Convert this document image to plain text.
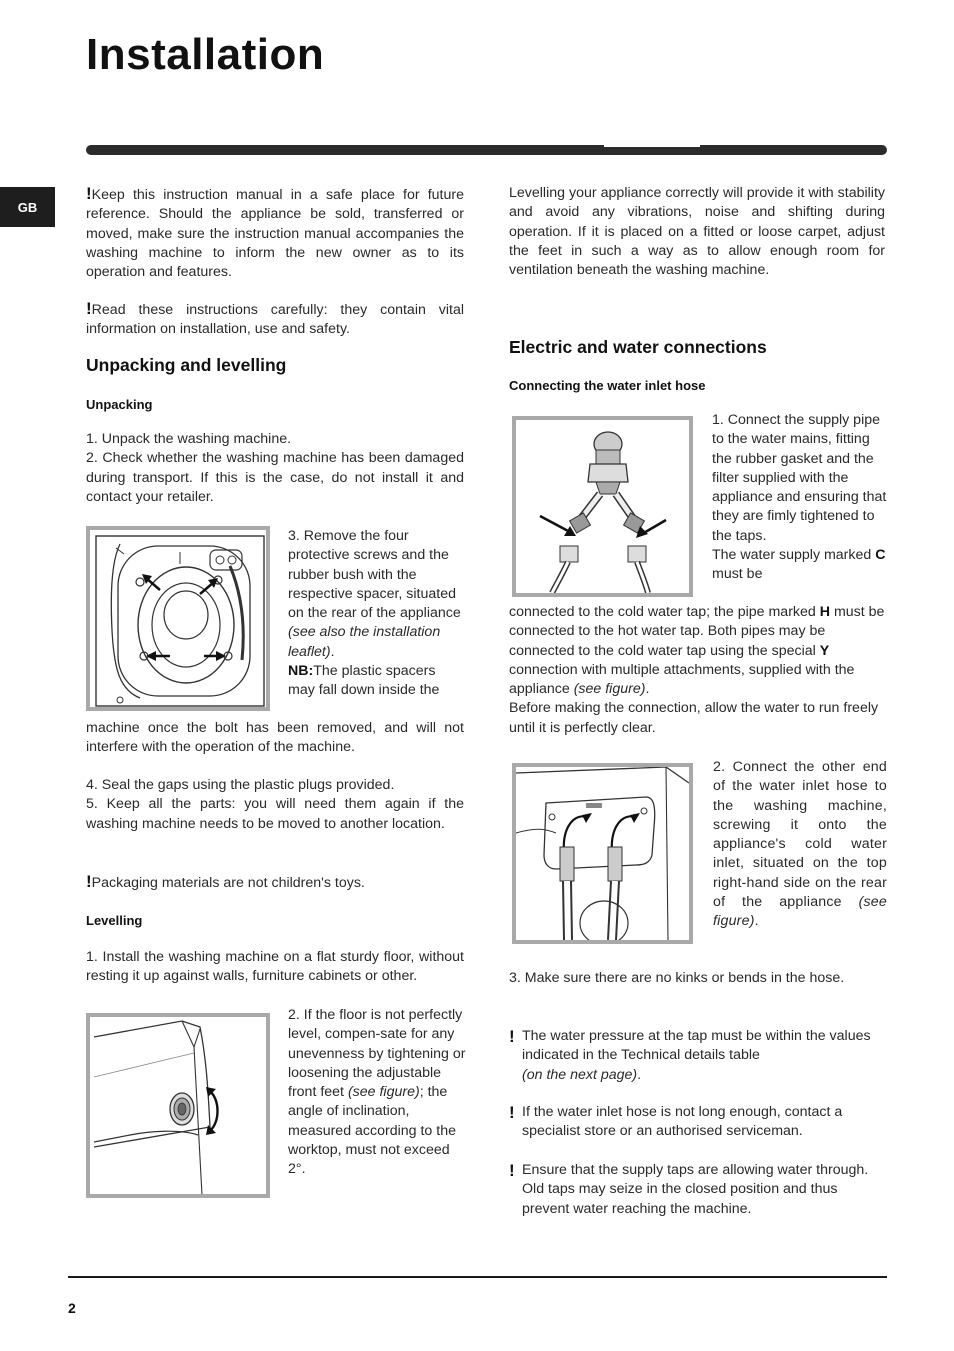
Installation
GB
!Keep this instruction manual in a safe place for future reference. Should the appliance be sold, transferred or moved, make sure the instruction manual accompanies the washing machine to inform the new owner as to its operation and features.
!Read these instructions carefully: they contain vital information on installation, use and safety.
Unpacking and levelling
Unpacking
1. Unpack the washing machine.
2. Check whether the washing machine has been damaged during transport. If this is the case, do not install it and contact your retailer.
3. Remove the four protective screws and the rubber bush with the respective spacer, situated on the rear of the appliance (see also the installation leaflet).
NB:The plastic spacers may fall down inside the
machine once the bolt has been removed, and will not interfere with the operation of the machine.
4. Seal the gaps using the plastic plugs provided.
5. Keep all the parts: you will need them again if the washing machine needs to be moved to another location.
!Packaging materials are not children's toys.
Levelling
1. Install the washing machine on a flat sturdy floor, without resting it up against walls, furniture cabinets or other.
2. If the floor is not perfectly level, compen-sate for any unevenness by tightening or loosening the adjustable front feet (see figure); the angle of inclination, measured according to the worktop, must not exceed 2°.
Levelling your appliance correctly will provide it with stability and avoid any vibrations, noise and shifting during operation. If it is placed on a fitted or loose carpet, adjust the feet in such a way as to allow enough room for ventilation beneath the washing machine.
Electric and water connections
Connecting the water inlet hose
1. Connect the supply pipe to the water mains, fitting the rubber gasket and the filter supplied with the appliance and ensuring that they are fimly tightened to the taps.
The water supply marked C must be
connected to the cold water tap; the pipe marked H must be connected to the hot water tap. Both pipes may be connected to the cold water tap using the special Y connection with multiple attachments, supplied with the appliance (see figure).
Before making the connection, allow the water to run freely until it is perfectly clear.
2. Connect the other end of the water inlet hose to the washing machine, screwing it onto the appliance's cold water inlet, situated on the top right-hand side on the rear of the appliance (see figure).
3. Make sure there are no kinks or bends in the hose.
! The water pressure at the tap must be within the values indicated in the Technical details table
(on the next page).
! If the water inlet hose is not long enough, contact a specialist store or an authorised serviceman.
! Ensure that the supply taps are allowing water through. Old taps may seize in the closed position and thus prevent water reaching the machine.
2
